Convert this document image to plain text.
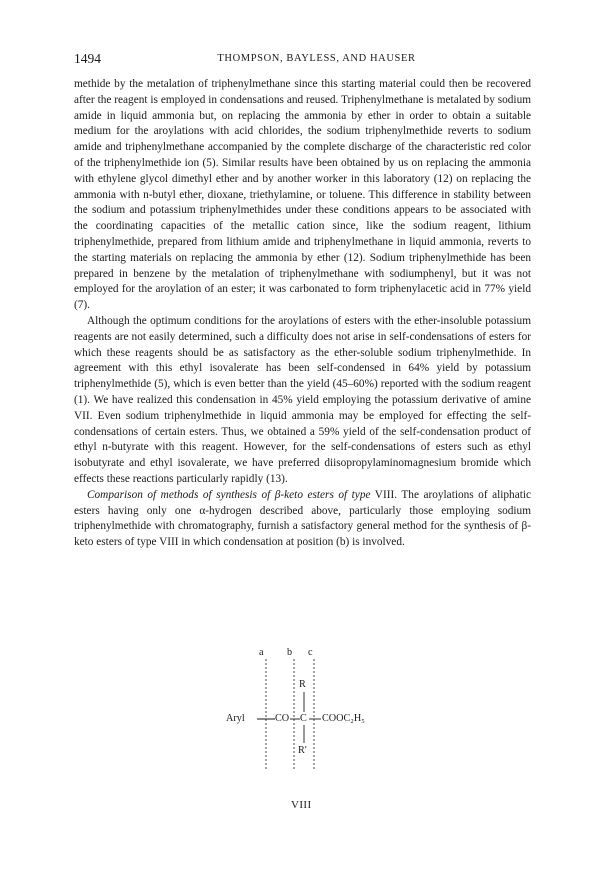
1494	THOMPSON, BAYLESS, AND HAUSER

methide by the metalation of triphenylmethane since this starting material could then be recovered after the reagent is employed in condensations and reused. Triphenylmethane is metalated by sodium amide in liquid ammonia but, on replacing the ammonia by ether in order to obtain a suitable medium for the aroylations with acid chlorides, the sodium triphenylmethide reverts to sodium amide and triphenylmethane accompanied by the complete discharge of the characteristic red color of the triphenylmethide ion (5). Similar results have been obtained by us on replacing the ammonia with ethylene glycol dimethyl ether and by another worker in this laboratory (12) on replacing the ammonia with n-butyl ether, dioxane, triethylamine, or toluene. This difference in stability between the sodium and potassium triphenylmethides under these conditions appears to be associated with the coordinating capacities of the metallic cation since, like the sodium reagent, lithium triphenylmethide, prepared from lithium amide and triphenylmethane in liquid ammonia, reverts to the starting materials on replacing the ammonia by ether (12). Sodium triphenylmethide has been prepared in benzene by the metalation of triphenylmethane with sodiumphenyl, but it was not employed for the aroylation of an ester; it was carbonated to form triphenylacetic acid in 77% yield (7).

Although the optimum conditions for the aroylations of esters with the ether-insoluble potassium reagents are not easily determined, such a difficulty does not arise in self-condensations of esters for which these reagents should be as satisfactory as the ether-soluble sodium triphenylmethide. In agreement with this ethyl isovalerate has been self-condensed in 64% yield by potassium triphenylmethide (5), which is even better than the yield (45–60%) reported with the sodium reagent (1). We have realized this condensation in 45% yield employing the potassium derivative of amine VII. Even sodium triphenylmethide in liquid ammonia may be employed for effecting the self-condensations of certain esters. Thus, we obtained a 59% yield of the self-condensation product of ethyl n-butyrate with this reagent. However, for the self-condensations of esters such as ethyl isobutyrate and ethyl isovalerate, we have preferred diisopropylaminomagnesium bromide which effects these reactions particularly rapidly (13).

Comparison of methods of synthesis of β-keto esters of type VIII. The aroylations of aliphatic esters having only one α-hydrogen described above, particularly those employing sodium triphenylmethide with chromatography, furnish a satisfactory general method for the synthesis of β-keto esters of type VIII in which condensation at position (b) is involved.

a b c
R
Aryl	CO C COOC₂H₅
R′
VIII
